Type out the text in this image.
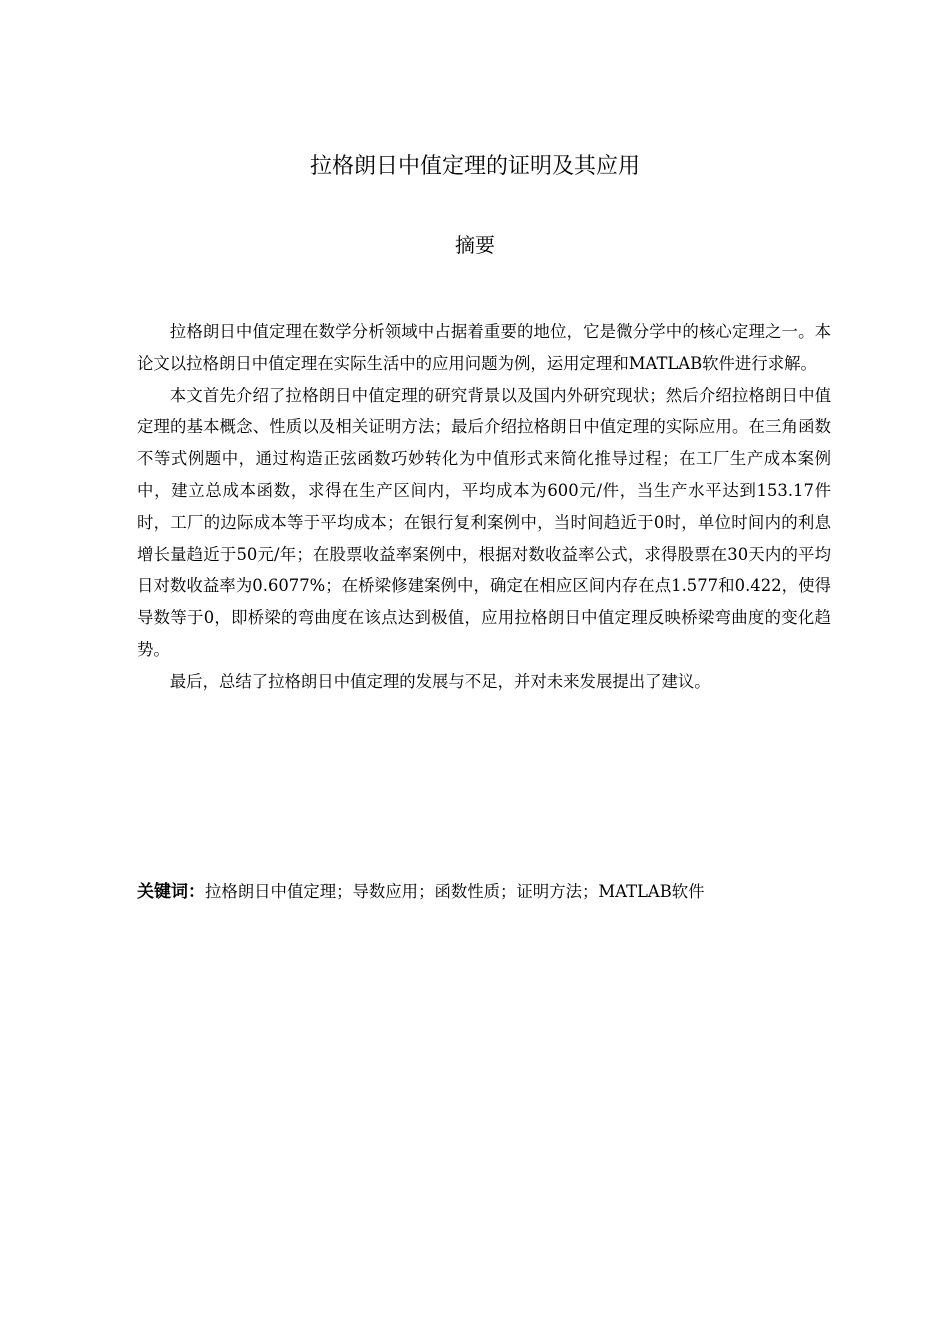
拉格朗日中值定理的证明及其应用
摘要

拉格朗日中值定理在数学分析领域中占据着重要的地位，它是微分学中的核心定理之一。本论文以拉格朗日中值定理在实际生活中的应用问题为例，运用定理和MATLAB软件进行求解。

本文首先介绍了拉格朗日中值定理的研究背景以及国内外研究现状；然后介绍拉格朗日中值定理的基本概念、性质以及相关证明方法；最后介绍拉格朗日中值定理的实际应用。在三角函数不等式例题中，通过构造正弦函数巧妙转化为中值形式来简化推导过程；在工厂生产成本案例中，建立总成本函数，求得在生产区间内，平均成本为600元/件，当生产水平达到153.17件时，工厂的边际成本等于平均成本；在银行复利案例中，当时间趋近于0时，单位时间内的利息增长量趋近于50元/年；在股票收益率案例中，根据对数收益率公式，求得股票在30天内的平均日对数收益率为0.6077%；在桥梁修建案例中，确定在相应区间内存在点1.577和0.422，使得导数等于0，即桥梁的弯曲度在该点达到极值，应用拉格朗日中值定理反映桥梁弯曲度的变化趋势。

最后，总结了拉格朗日中值定理的发展与不足，并对未来发展提出了建议。

关键词：拉格朗日中值定理；导数应用；函数性质；证明方法；MATLAB软件
